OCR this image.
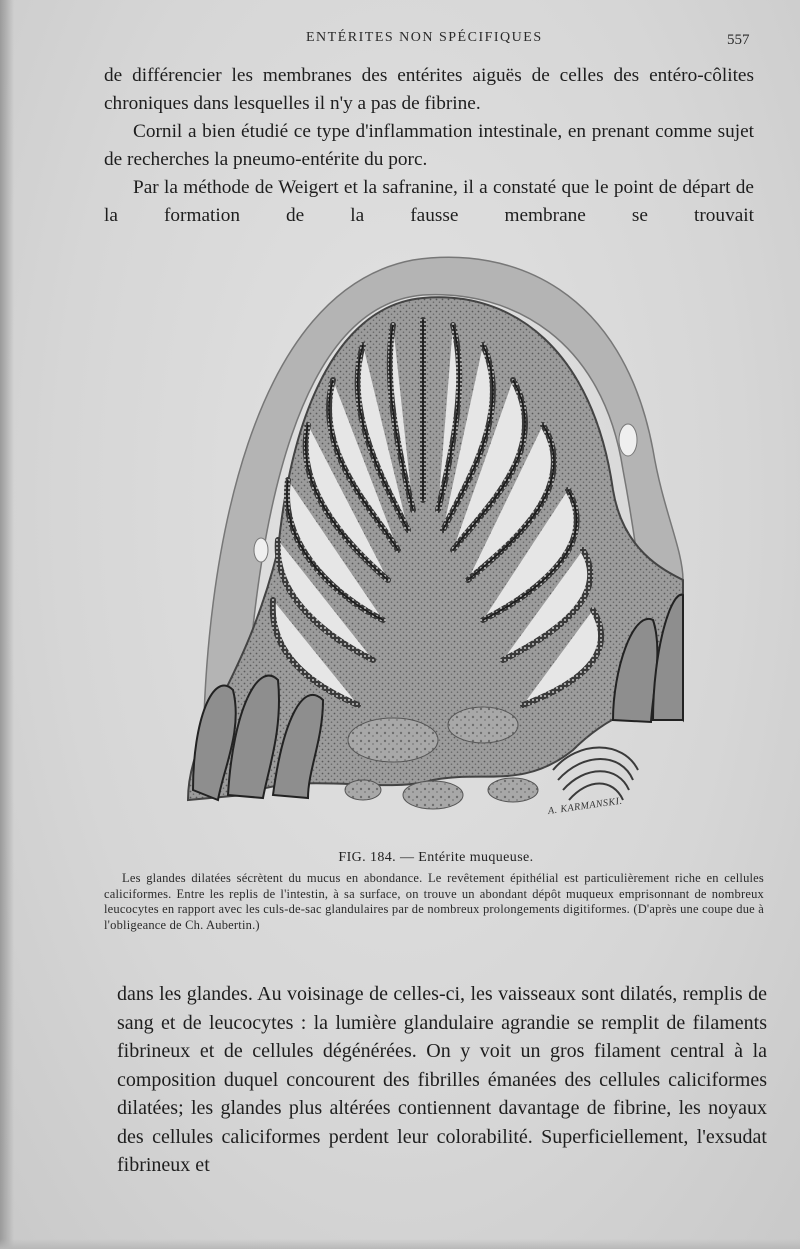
ENTÉRITES NON SPÉCIFIQUES	557

de différencier les membranes des entérites aiguës de celles des entéro-côlites chroniques dans lesquelles il n'y a pas de fibrine.

Cornil a bien étudié ce type d'inflammation intestinale, en prenant comme sujet de recherches la pneumo-entérite du porc.

Par la méthode de Weigert et la safranine, il a constaté que le point de départ de la formation de la fausse membrane se trouvait

A. KARMANSKI.
FIG. 184. — Entérite muqueuse.

Les glandes dilatées sécrètent du mucus en abondance. Le revêtement épithélial est particulièrement riche en cellules caliciformes. Entre les replis de l'intestin, à sa surface, on trouve un abondant dépôt muqueux emprisonnant de nombreux leucocytes en rapport avec les culs-de-sac glandulaires par de nombreux prolongements digitiformes. (D'après une coupe due à l'obligeance de Ch. Aubertin.)

dans les glandes. Au voisinage de celles-ci, les vaisseaux sont dilatés, remplis de sang et de leucocytes : la lumière glandulaire agrandie se remplit de filaments fibrineux et de cellules dégénérées. On y voit un gros filament central à la composition duquel concourent des fibrilles émanées des cellules caliciformes dilatées; les glandes plus altérées contiennent davantage de fibrine, les noyaux des cellules caliciformes perdent leur colorabilité. Superficiellement, l'exsudat fibrineux et
